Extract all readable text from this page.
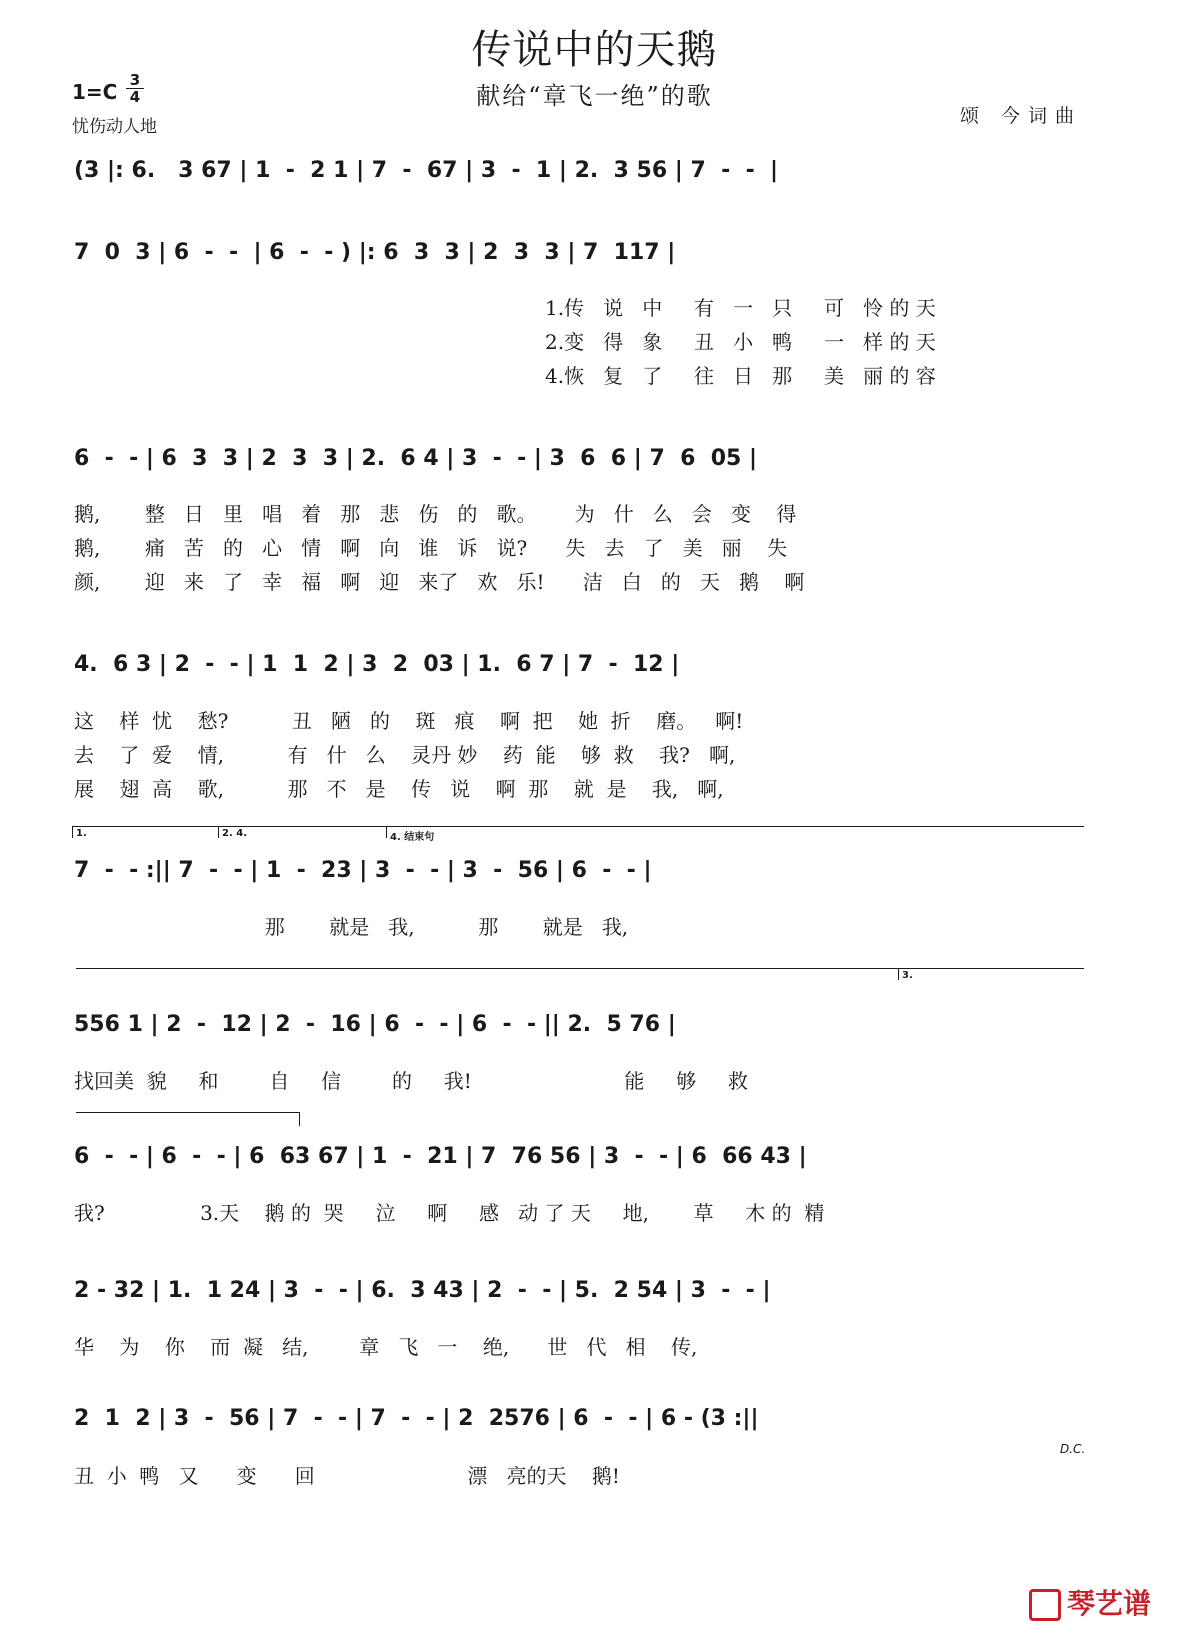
传说中的天鹅
献给“章飞一绝”的歌
1=C 3
4
忧伤动人地	颂 今词曲
(3 |: 6.   3 67 | 1  -  2 1 | 7  -  67 | 3  -  1 | 2.  3 56 | 7  -  -  |
7  0  3 | 6  -  -  | 6  -  - ) |: 6  3  3 | 2  3  3 | 7  117 |
1.传   说   中     有   一   只     可   怜 的 天
2.变   得   象     丑   小   鸭     一   样 的 天
4.恢   复   了     往   日   那     美   丽 的 容
6  -  - | 6  3  3 | 2  3  3 | 2.  6 4 | 3  -  - | 3  6  6 | 7  6  05 |
鹅,       整   日   里   唱   着   那   悲   伤   的   歌。      为   什   么   会   变    得
鹅,       痛   苦   的   心   情   啊   向   谁   诉   说?      失   去   了   美   丽    失
颜,       迎   来   了   幸   福   啊   迎   来了   欢   乐!      洁   白   的   天   鹅    啊
4.  6 3 | 2  -  - | 1  1  2 | 3  2  03 | 1.  6 7 | 7  -  12 |
这    样  忧    愁?          丑   陋   的    斑   痕    啊  把    她  折    磨。   啊!
去    了  爱    情,          有   什   么    灵丹 妙    药  能    够  救    我?   啊,
展    翅  高    歌,          那   不   是    传   说    啊  那    就  是    我,   啊,
1.	2. 4.	4. 结束句
7  -  - :|| 7  -  - | 1  -  23 | 3  -  - | 3  -  56 | 6  -  - |
那       就是   我,          那       就是   我,
3.
556 1 | 2  -  12 | 2  -  16 | 6  -  - | 6  -  - || 2.  5 76 |
找回美  貌     和        自     信        的     我!                        能     够     救
6  -  - | 6  -  - | 6  63 67 | 1  -  21 | 7  76 56 | 3  -  - | 6  66 43 |
我?               3.天    鹅 的  哭     泣     啊     感   动 了 天     地,       草     木 的  精
2 - 32 | 1.  1 24 | 3  -  - | 6.  3 43 | 2  -  - | 5.  2 54 | 3  -  - |
华    为    你    而  凝   结,        章   飞   一    绝,      世   代   相    传,
2  1  2 | 3  -  56 | 7  -  - | 7  -  - | 2  2576 | 6  -  - | 6 - (3 :||
D.C.
丑  小  鸭   又      变      回                        漂   亮的天    鹅!
琴艺谱
